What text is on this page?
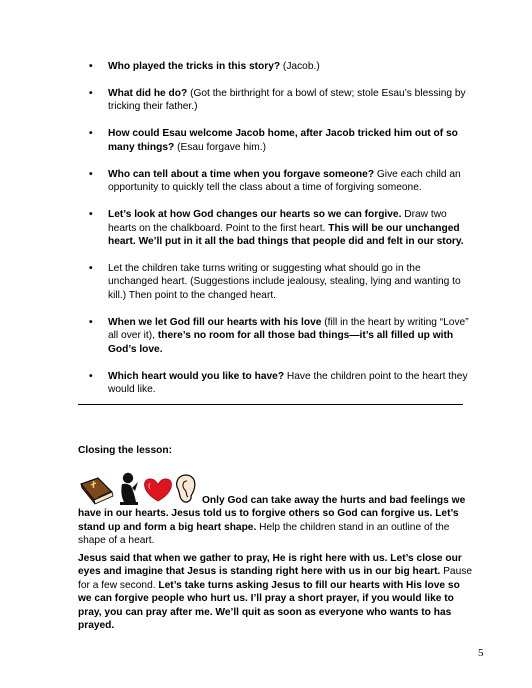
• Who played the tricks in this story? (Jacob.)
• What did he do? (Got the birthright for a bowl of stew; stole Esau’s blessing by tricking their father.)
• How could Esau welcome Jacob home, after Jacob tricked him out of so many things? (Esau forgave him.)
• Who can tell about a time when you forgave someone? Give each child an opportunity to quickly tell the class about a time of forgiving someone.
• Let’s look at how God changes our hearts so we can forgive. Draw two hearts on the chalkboard. Point to the first heart. This will be our unchanged heart. We’ll put in it all the bad things that people did and felt in our story.
• Let the children take turns writing or suggesting what should go in the unchanged heart. (Suggestions include jealousy, stealing, lying and wanting to kill.) Then point to the changed heart.
• When we let God fill our hearts with his love (fill in the heart by writing “Love” all over it), there’s no room for all those bad things—it’s all filled up with God’s love.
• Which heart would you like to have? Have the children point to the heart they would like.
Closing the lesson:

Only God can take away the hurts and bad feelings we have in our hearts. Jesus told us to forgive others so God can forgive us. Let’s stand up and form a big heart shape. Help the children stand in an outline of the shape of a heart.

Jesus said that when we gather to pray, He is right here with us. Let’s close our eyes and imagine that Jesus is standing right here with us in our big heart. Pause for a few second. Let’s take turns asking Jesus to fill our hearts with His love so we can forgive people who hurt us. I’ll pray a short prayer, if you would like to pray, you can pray after me. We’ll quit as soon as everyone who wants to has prayed.

5
